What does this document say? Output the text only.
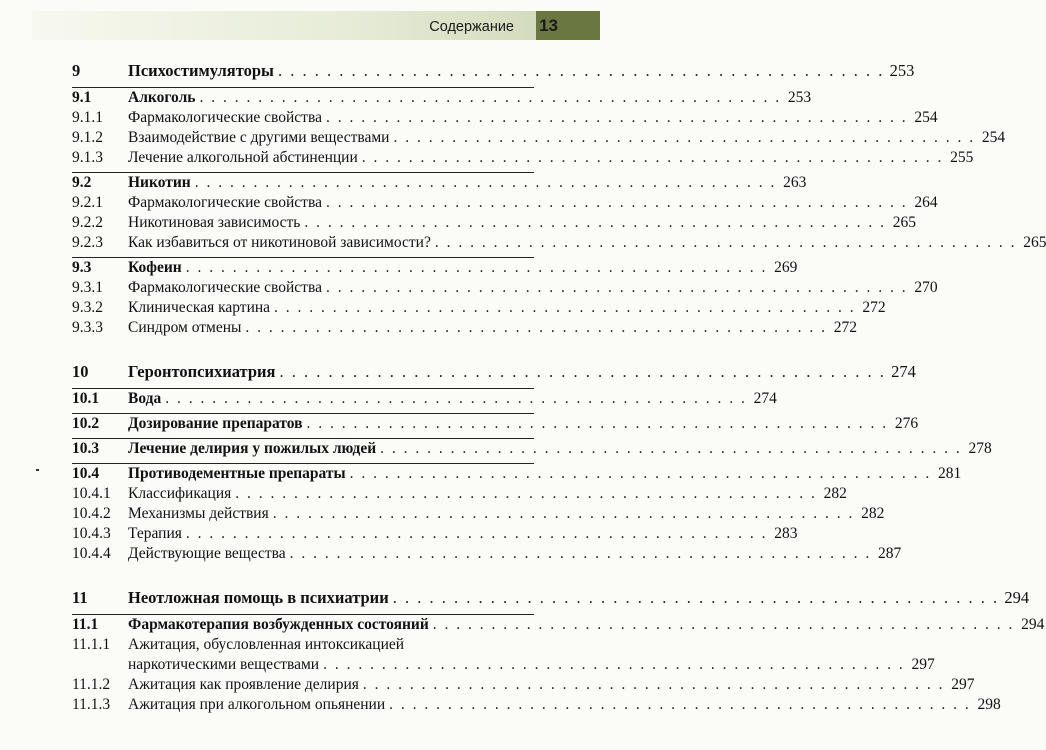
Содержание 13
9	Психостимуляторы . . .	253
9.1	Алкоголь . . .	253
9.1.1	Фармакологические свойства . . .	254
9.1.2	Взаимодействие с другими веществами . . .	254
9.1.3	Лечение алкогольной абстиненции . . .	255
9.2	Никотин . . .	263
9.2.1	Фармакологические свойства . . .	264
9.2.2	Никотиновая зависимость . . .	265
9.2.3	Как избавиться от никотиновой зависимости? . . .	265
9.3	Кофеин . . .	269
9.3.1	Фармакологические свойства . . .	270
9.3.2	Клиническая картина . . .	272
9.3.3	Синдром отмены . . .	272
10	Геронтопсихиатрия . . .	274
10.1	Вода . . .	274
10.2	Дозирование препаратов . . .	276
10.3	Лечение делирия у пожилых людей . . .	278
10.4	Противодементные препараты . . .	281
10.4.1	Классификация . . .	282
10.4.2	Механизмы действия . . .	282
10.4.3	Терапия . . .	283
10.4.4	Действующие вещества . . .	287
11	Неотложная помощь в психиатрии . . .	294
11.1	Фармакотерапия возбужденных состояний . . .	294
11.1.1	Ажитация, обусловленная интоксикацией
наркотическими веществами . . .	297
11.1.2	Ажитация как проявление делирия . . .	297
11.1.3	Ажитация при алкогольном опьянении . . .	298
